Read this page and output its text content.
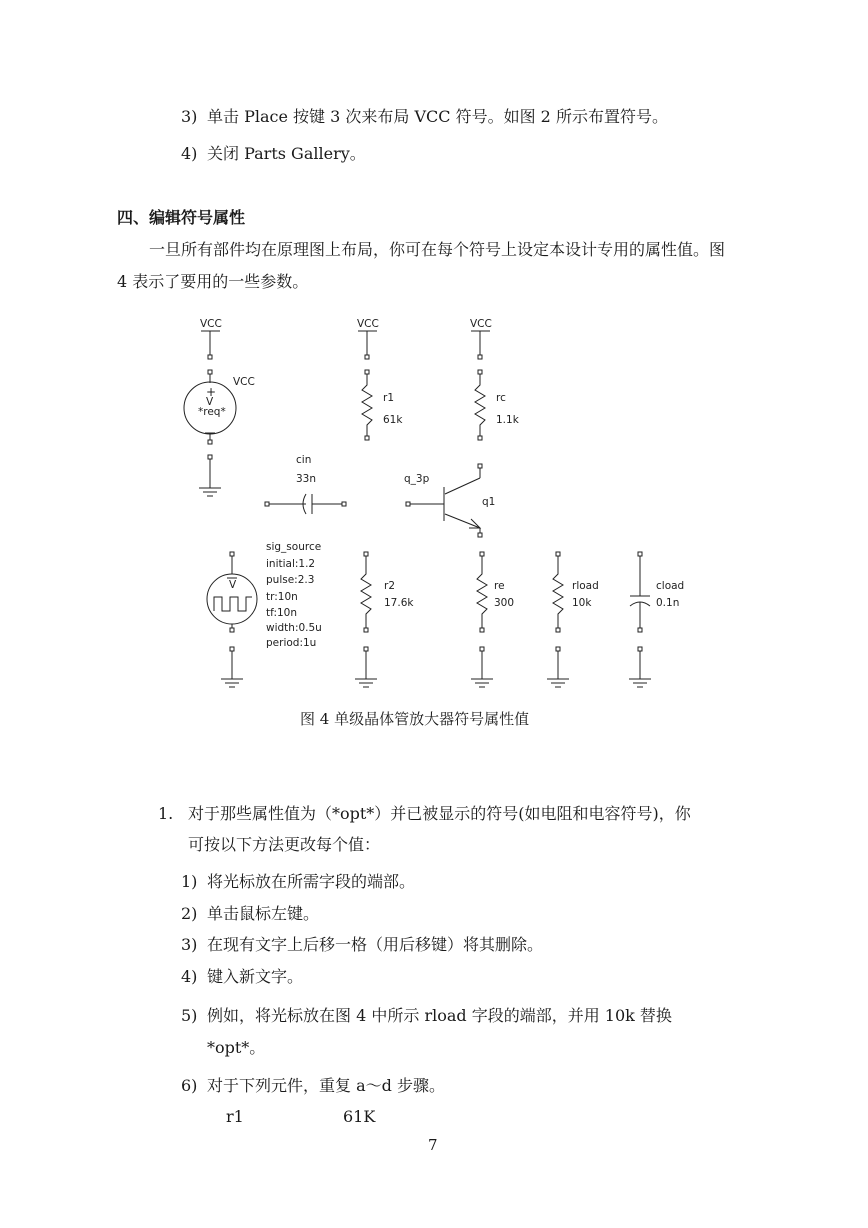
3) 单击 Place 按键 3 次来布局 VCC 符号。如图 2 所示布置符号。
4) 关闭 Parts Gallery。
四、编辑符号属性
一旦所有部件均在原理图上布局，你可在每个符号上设定本设计专用的属性值。图 4 表示了要用的一些参数。
VCC	VCC	VCC
+
V
VCC
*req*
r1
61k
rc
1.1k
cin
33n	q_3p
q1
V
sig_source
initial:1.2
pulse:2.3
tr:10n
tf:10n
width:0.5u
period:1u
r2
17.6k
re
300
rload
10k
cload
0.1n
图 4 单级晶体管放大器符号属性值
1. 对于那些属性值为（*opt*）并已被显示的符号(如电阻和电容符号)，你
可按以下方法更改每个值：
1) 将光标放在所需字段的端部。
2) 单击鼠标左键。
3) 在现有文字上后移一格（用后移键）将其删除。
4) 键入新文字。
5) 例如，将光标放在图 4 中所示 rload 字段的端部，并用 10k 替换
*opt*。
6) 对于下列元件，重复 a～d 步骤。
r1	61K
7
